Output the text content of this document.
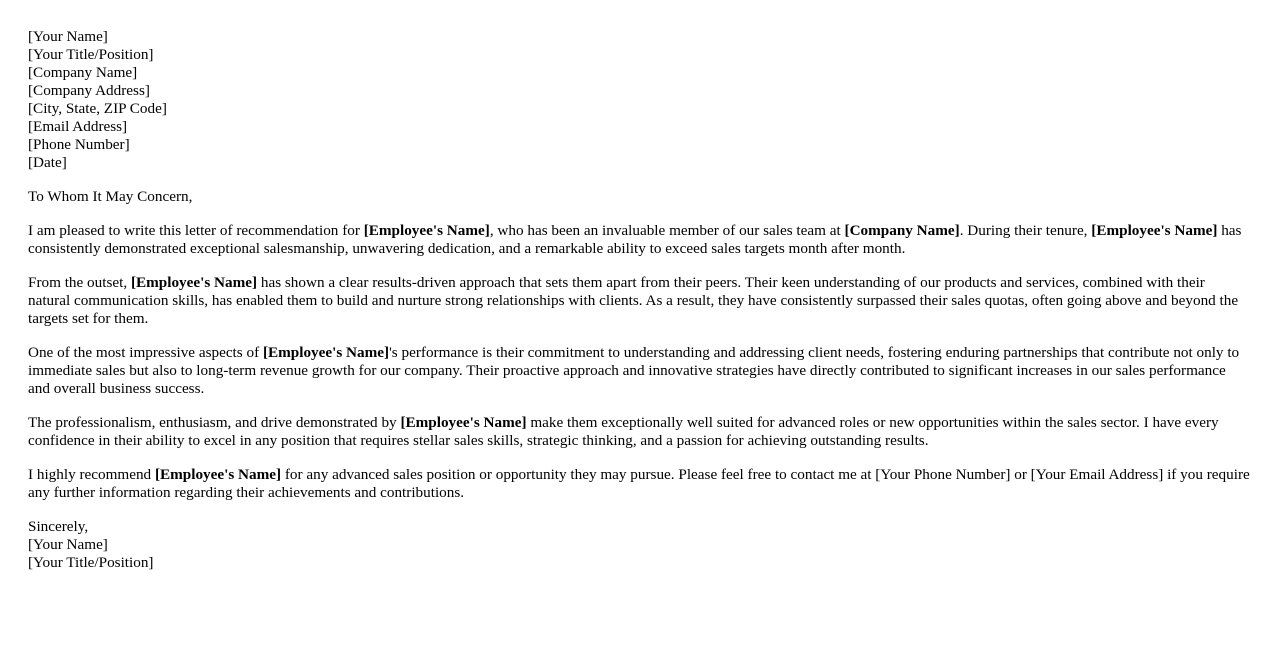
[Your Name]
[Your Title/Position]
[Company Name]
[Company Address]
[City, State, ZIP Code]
[Email Address]
[Phone Number]
[Date]

To Whom It May Concern,

I am pleased to write this letter of recommendation for [Employee's Name], who has been an invaluable member of our sales team at [Company Name]. During their tenure, [Employee's Name] has consistently demonstrated exceptional salesmanship, unwavering dedication, and a remarkable ability to exceed sales targets month after month.

From the outset, [Employee's Name] has shown a clear results-driven approach that sets them apart from their peers. Their keen understanding of our products and services, combined with their natural communication skills, has enabled them to build and nurture strong relationships with clients. As a result, they have consistently surpassed their sales quotas, often going above and beyond the targets set for them.

One of the most impressive aspects of [Employee's Name]'s performance is their commitment to understanding and addressing client needs, fostering enduring partnerships that contribute not only to immediate sales but also to long-term revenue growth for our company. Their proactive approach and innovative strategies have directly contributed to significant increases in our sales performance and overall business success.

The professionalism, enthusiasm, and drive demonstrated by [Employee's Name] make them exceptionally well suited for advanced roles or new opportunities within the sales sector. I have every confidence in their ability to excel in any position that requires stellar sales skills, strategic thinking, and a passion for achieving outstanding results.

I highly recommend [Employee's Name] for any advanced sales position or opportunity they may pursue. Please feel free to contact me at [Your Phone Number] or [Your Email Address] if you require any further information regarding their achievements and contributions.

Sincerely,
[Your Name]
[Your Title/Position]
